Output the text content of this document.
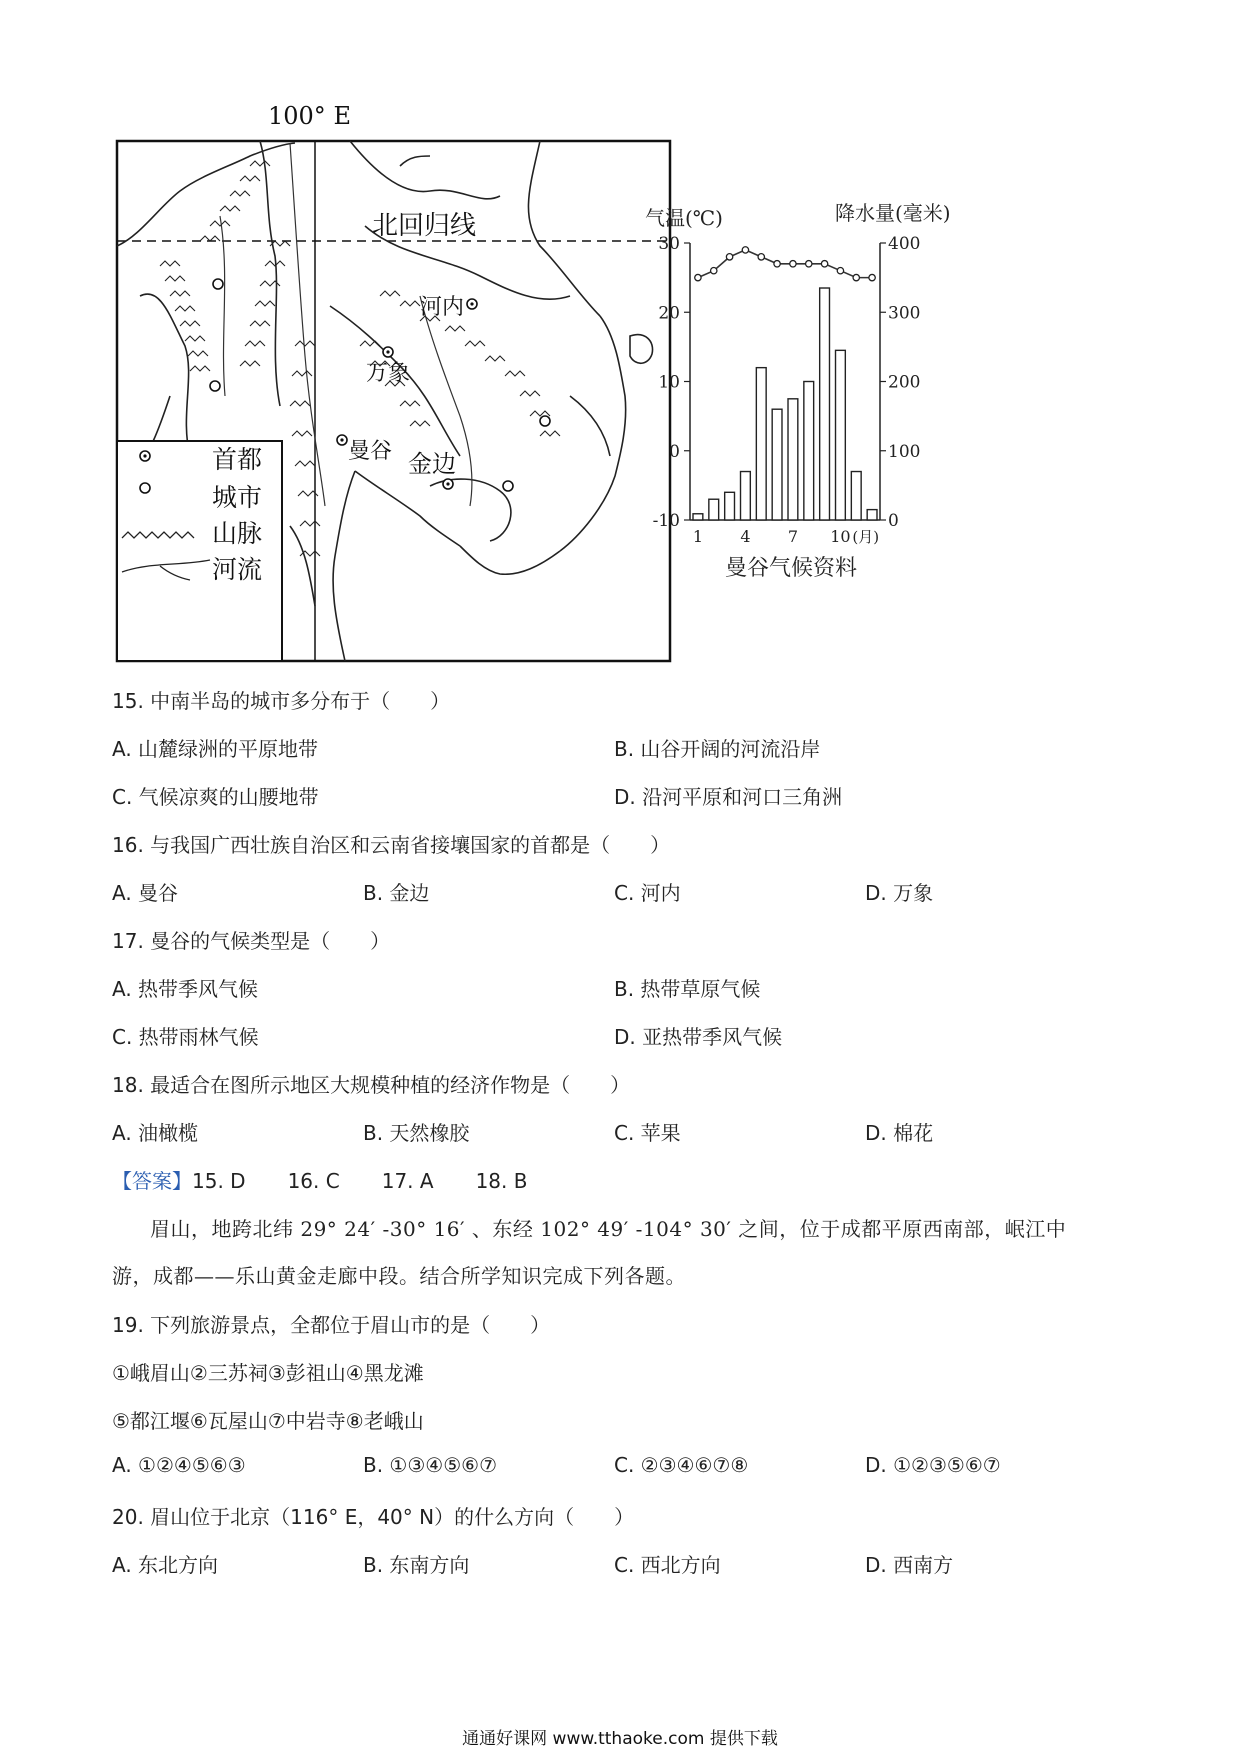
100° E
北回归线
河内
万象
曼谷 金边
首都
城市
山脉
河流
气温(℃)	降水量(毫米)
30
20
10
0
-10
400
300
200
100
0
1 4 7 10 (月)
曼谷气候资料
15. 中南半岛的城市多分布于（　　）
A. 山麓绿洲的平原地带	B. 山谷开阔的河流沿岸
C. 气候凉爽的山腰地带	D. 沿河平原和河口三角洲
16. 与我国广西壮族自治区和云南省接壤国家的首都是（　　）
A. 曼谷	B. 金边	C. 河内	D. 万象
17. 曼谷的气候类型是（　　）
A. 热带季风气候	B. 热带草原气候
C. 热带雨林气候	D. 亚热带季风气候
18. 最适合在图所示地区大规模种植的经济作物是（　　）
A. 油橄榄	B. 天然橡胶	C. 苹果	D. 棉花
【答案】15. D 16. C 17. A 18. B
眉山，地跨北纬 29° 24′ -30° 16′ 、东经 102° 49′ -104° 30′ 之间，位于成都平原西南部，岷江中
游，成都——乐山黄金走廊中段。结合所学知识完成下列各题。
19. 下列旅游景点，全都位于眉山市的是（　　）
①峨眉山②三苏祠③彭祖山④黑龙滩
⑤都江堰⑥瓦屋山⑦中岩寺⑧老峨山
A. ①②④⑤⑥③	B. ①③④⑤⑥⑦	C. ②③④⑥⑦⑧	D. ①②③⑤⑥⑦
20. 眉山位于北京（116° E，40° N）的什么方向（　　）
A. 东北方向	B. 东南方向	C. 西北方向	D. 西南方
通通好课网 www.tthaoke.com 提供下载
